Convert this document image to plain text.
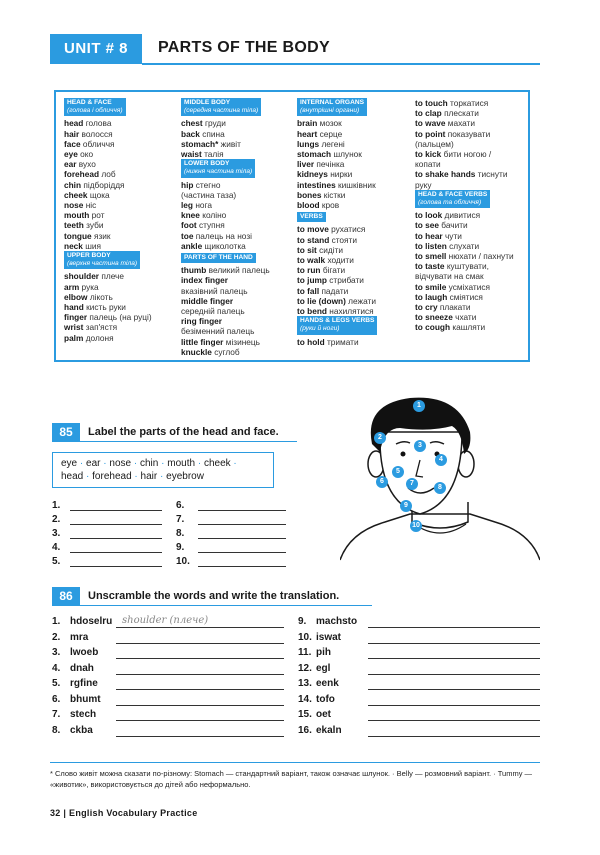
UNIT # 8	PARTS OF THE BODY
HEAD & FACE
(голова і обличчя)
head голова
hair волосся
face обличчя
eye око
ear вухо
forehead лоб
chin підборіддя
cheek щока
nose ніс
mouth рот
teeth зуби
tongue язик
neck шия
UPPER BODY
(верхня частина тіла)
shoulder плече
arm рука
elbow лікоть
hand кисть руки
finger палець (на руці)
wrist зап'ястя
palm долоня
MIDDLE BODY
(середня частина тіла)
chest груди
back спина
stomach* живіт
waist талія
LOWER BODY
(нижня частина тіла)
hip стегно
(частина таза)
leg нога
knee коліно
foot ступня
toe палець на нозі
ankle щиколотка
PARTS OF THE HAND
thumb великий палець
index finger
вказівний палець
middle finger
середній палець
ring finger
безіменний палець
little finger мізинець
knuckle суглоб
INTERNAL ORGANS
(внутрішні органи)
brain мозок
heart серце
lungs легені
stomach шлунок
liver печінка
kidneys нирки
intestines кишківник
bones кістки
blood кров
VERBS
to move рухатися
to stand стояти
to sit сидіти
to walk ходити
to run бігати
to jump стрибати
to fall падати
to lie (down) лежати
to bend нахилятися
HANDS & LEGS VERBS
(руки й ноги)
to hold тримати
to touch торкатися
to clap плескати
to wave махати
to point показувати
(пальцем)
to kick бити ногою /
копати
to shake hands тиснути
руку
HEAD & FACE VERBS
(голова та обличчя)
to look дивитися
to see бачити
to hear чути
to listen слухати
to smell нюхати / пахнути
to taste куштувати,
відчувати на смак
to smile усміхатися
to laugh сміятися
to cry плакати
to sneeze чхати
to cough кашляти
85	Label the parts of the head and face.
eye · ear · nose · chin · mouth · cheek ·
head · forehead · hair · eyebrow
1.
2.
3.
4.
5.
6.
7.
8.
9.
10.
1
2
3
4
5
6	7
8
9
10
86	Unscramble the words and write the translation.
1. hdoselru shoulder (плече)
2. mra
3. lwoeb
4. dnah
5. rgfine
6. bhumt
7. stech
8. ckba
9. machsto
10. iswat
11. pih
12. egl
13. eenk
14. tofo
15. oet
16. ekaln
* Слово живіт можна сказати по-різному: Stomach — стандартний варіант, також означає шлунок. · Belly — розмовний варіант. · Tummy — «животик», використовується до дітей або неформально.
32 | English Vocabulary Practice
